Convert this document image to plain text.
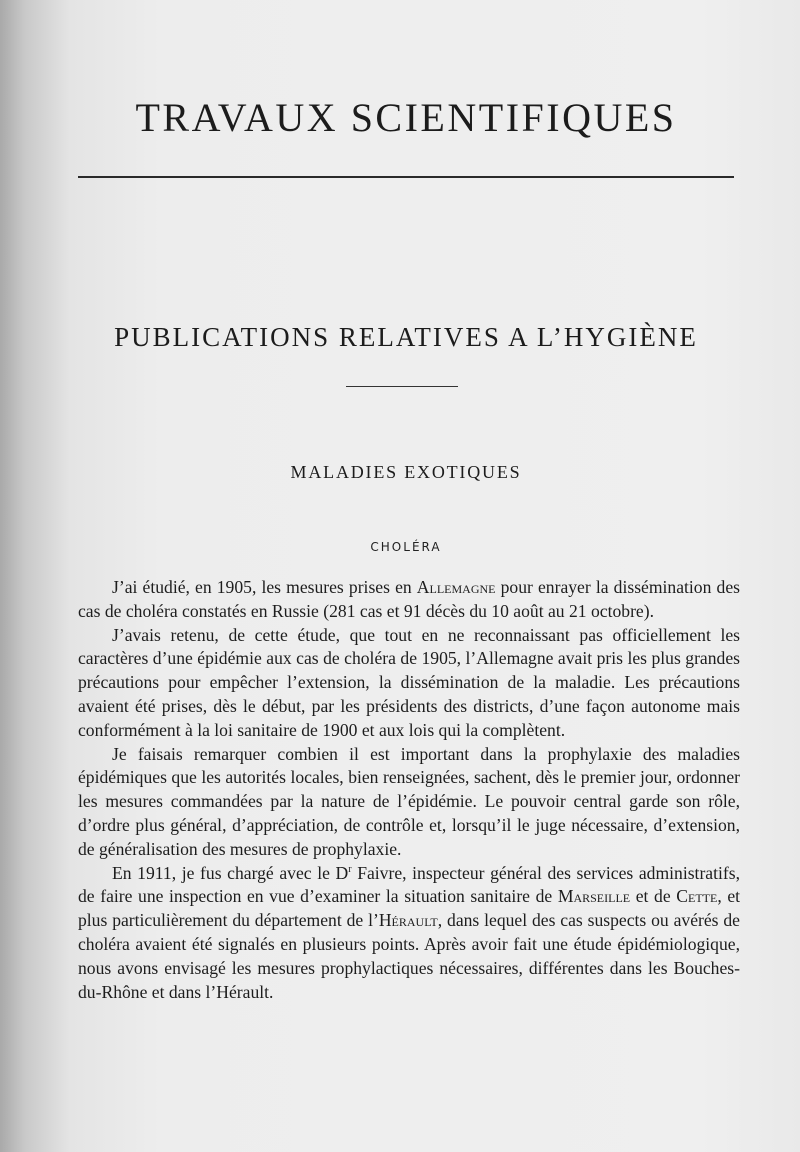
TRAVAUX SCIENTIFIQUES
PUBLICATIONS RELATIVES A L’HYGIÈNE
MALADIES EXOTIQUES
CHOLÉRA

J’ai étudié, en 1905, les mesures prises en Allemagne pour enrayer la dissémination des cas de choléra constatés en Russie (281 cas et 91 décès du 10 août au 21 octobre).

J’avais retenu, de cette étude, que tout en ne reconnaissant pas officiellement les caractères d’une épidémie aux cas de choléra de 1905, l’Allemagne avait pris les plus grandes précautions pour empêcher l’extension, la dissémination de la maladie. Les précautions avaient été prises, dès le début, par les présidents des districts, d’une façon autonome mais conformément à la loi sanitaire de 1900 et aux lois qui la complètent.

Je faisais remarquer combien il est important dans la prophylaxie des maladies épidémiques que les autorités locales, bien renseignées, sachent, dès le premier jour, ordonner les mesures commandées par la nature de l’épidémie. Le pouvoir central garde son rôle, d’ordre plus général, d’appréciation, de contrôle et, lorsqu’il le juge nécessaire, d’extension, de généralisation des mesures de prophylaxie.

En 1911, je fus chargé avec le $D^r$ Faivre, inspecteur général des services administratifs, de faire une inspection en vue d’examiner la situation sanitaire de Marseille et de Cette, et plus particulièrement du département de l’Hérault, dans lequel des cas suspects ou avérés de choléra avaient été signalés en plusieurs points. Après avoir fait une étude épidémiologique, nous avons envisagé les mesures prophylactiques nécessaires, différentes dans les Bouches-du-Rhône et dans l’Hérault.
